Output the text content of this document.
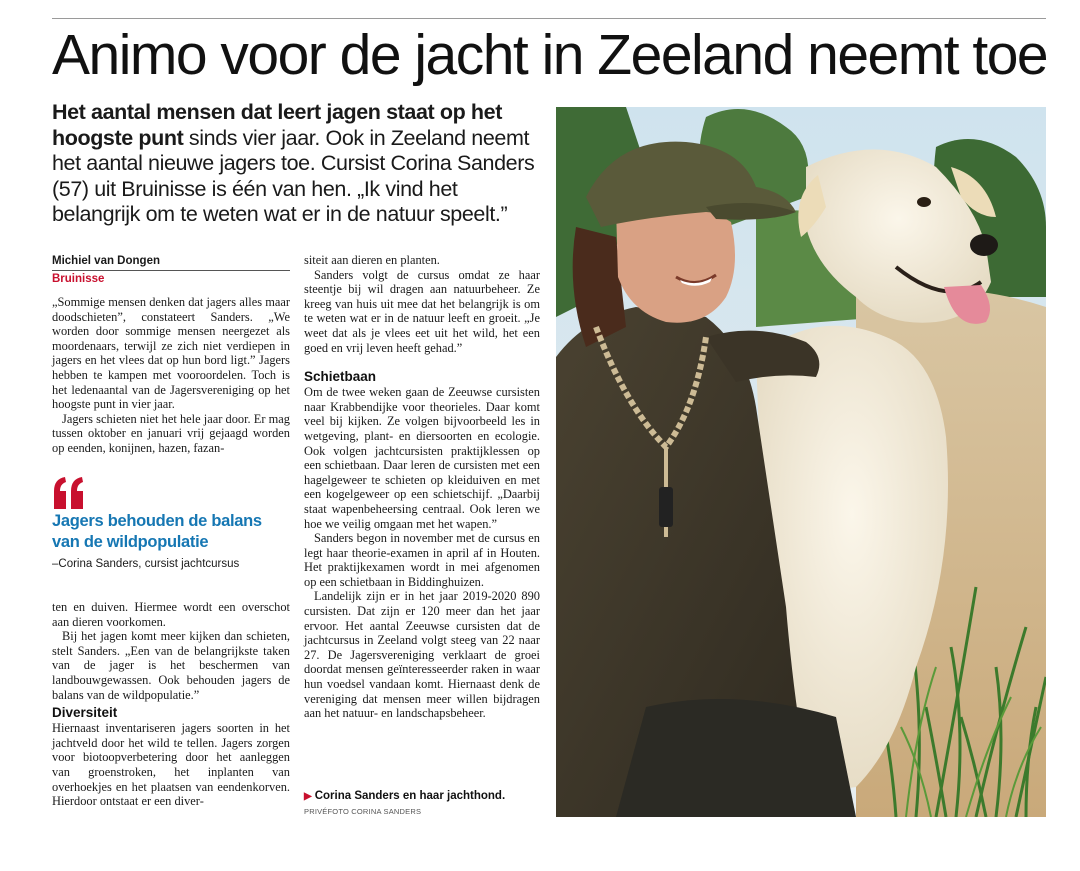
Animo voor de jacht in Zeeland neemt toe
Het aantal mensen dat leert jagen staat op het hoogste punt sinds vier jaar. Ook in Zeeland neemt het aantal nieuwe jagers toe. Cursist Corina Sanders (57) uit Bruinisse is één van hen. „Ik vind het belangrijk om te weten wat er in de natuur speelt.”
Michiel van Dongen
Bruinisse

„Sommige mensen denken dat jagers alles maar doodschieten”, constateert Sanders. „We worden door sommige mensen neergezet als moordenaars, terwijl ze zich niet verdiepen in jagers en het vlees dat op hun bord ligt.” Jagers hebben te kampen met vooroordelen. Toch is het ledenaantal van de Jagersvereniging op het hoogste punt in vier jaar.

Jagers schieten niet het hele jaar door. Er mag tussen oktober en januari vrij gejaagd worden op eenden, konijnen, hazen, fazan-

Jagers behouden de balans van de wildpopulatie
–Corina Sanders, cursist jachtcursus

ten en duiven. Hiermee wordt een overschot aan dieren voorkomen.

Bij het jagen komt meer kijken dan schieten, stelt Sanders. „Een van de belangrijkste taken van de jager is het beschermen van landbouwgewassen. Ook behouden jagers de balans van de wildpopulatie.”

Diversiteit

Hiernaast inventariseren jagers soorten in het jachtveld door het wild te tellen. Jagers zorgen voor biotoopverbetering door het aanleggen van groenstroken, het inplanten van overhoekjes en het plaatsen van eendenkorven. Hierdoor ontstaat er een diver-

siteit aan dieren en planten.

Sanders volgt de cursus omdat ze haar steentje bij wil dragen aan natuurbeheer. Ze kreeg van huis uit mee dat het belangrijk is om te weten wat er in de natuur leeft en groeit. „Je weet dat als je vlees eet uit het wild, het een goed en vrij leven heeft gehad.”

Schietbaan

Om de twee weken gaan de Zeeuwse cursisten naar Krabbendijke voor theorieles. Daar komt veel bij kijken. Ze volgen bijvoorbeeld les in wetgeving, plant- en diersoorten en ecologie. Ook volgen jachtcursisten praktijklessen op een schietbaan. Daar leren de cursisten met een hagelgeweer te schieten op kleiduiven en met een kogelgeweer op een schietschijf. „Daarbij staat wapenbeheersing centraal. Ook leren we hoe we veilig omgaan met het wapen.”

Sanders begon in november met de cursus en legt haar theorie-examen in april af in Houten. Het praktijkexamen wordt in mei afgenomen op een schietbaan in Biddinghuizen.

Landelijk zijn er in het jaar 2019-2020 890 cursisten. Dat zijn er 120 meer dan het jaar ervoor. Het aantal Zeeuwse cursisten dat de jachtcursus in Zeeland volgt steeg van 22 naar 27. De Jagersvereniging verklaart de groei doordat mensen geïnteresseerder raken in waar hun voedsel vandaan komt. Hiernaast denk de vereniging dat mensen meer willen bijdragen aan het natuur- en landschapsbeheer.

▶ Corina Sanders en haar jachthond.
PRIVÉFOTO CORINA SANDERS
